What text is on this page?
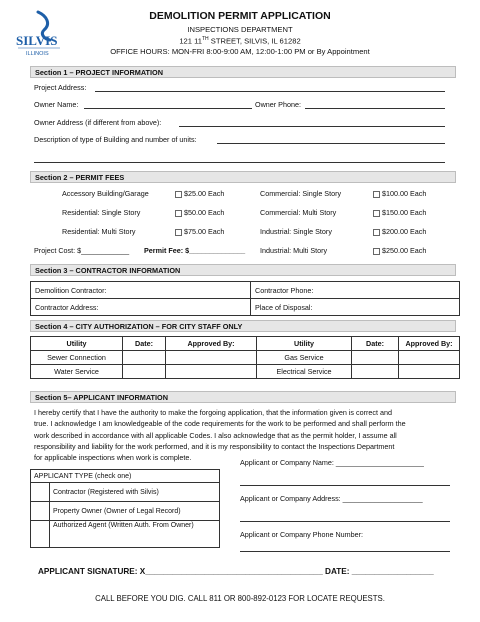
SILVIS
ILLINOIS
DEMOLITION PERMIT APPLICATION
INSPECTIONS DEPARTMENT
121 11TH STREET, SILVIS, IL 61282
OFFICE HOURS: MON-FRI 8:00-9:00 AM, 12:00-1:00 PM or By Appointment
Section 1 – PROJECT INFORMATION
Project Address:
Owner Name:	Owner Phone:
Owner Address (if different from above):
Description of type of Building and number of units:
Section 2 – PERMIT FEES
Accessory Building/Garage	$25.00 Each	Commercial: Single Story	$100.00 Each
Residential: Single Story	$50.00 Each	Commercial: Multi Story	$150.00 Each
Residential: Multi Story	$75.00 Each	Industrial: Single Story	$200.00 Each
Project Cost: $____________ Permit Fee: $______________ Industrial: Multi Story	$250.00 Each
Section 3 – CONTRACTOR INFORMATION
Demolition Contractor:	Contractor Phone:
Contractor Address:	Place of Disposal:
Section 4 – CITY AUTHORIZATION – FOR CITY STAFF ONLY
Utility	Date:	Approved By:	Utility	Date:	Approved By:
Sewer Connection			Gas Service		
Water Service			Electrical Service		
Section 5– APPLICANT INFORMATION
I hereby certify that I have the authority to make the forgoing application, that the information given is correct and
true. I acknowledge I am knowledgeable of the code requirements for the work to be performed and shall perform the
work described in accordance with all applicable Codes. I also acknowledge that as the permit holder, I assume all
responsibility and liability for the work performed, and it is my responsibility to contact the Inspections Department
for applicable inspections when work is complete.
APPLICANT TYPE (check one)	
	Contractor (Registered with Silvis)
	Property Owner (Owner of Legal Record)
	Authorized Agent (Written Auth. From Owner)
Applicant or Company Name: ______________________
Applicant or Company Address: ____________________
Applicant or Company Phone Number:
APPLICANT SIGNATURE: X_______________________________________ DATE: __________________
CALL BEFORE YOU DIG. CALL 811 OR 800-892-0123 FOR LOCATE REQUESTS.
